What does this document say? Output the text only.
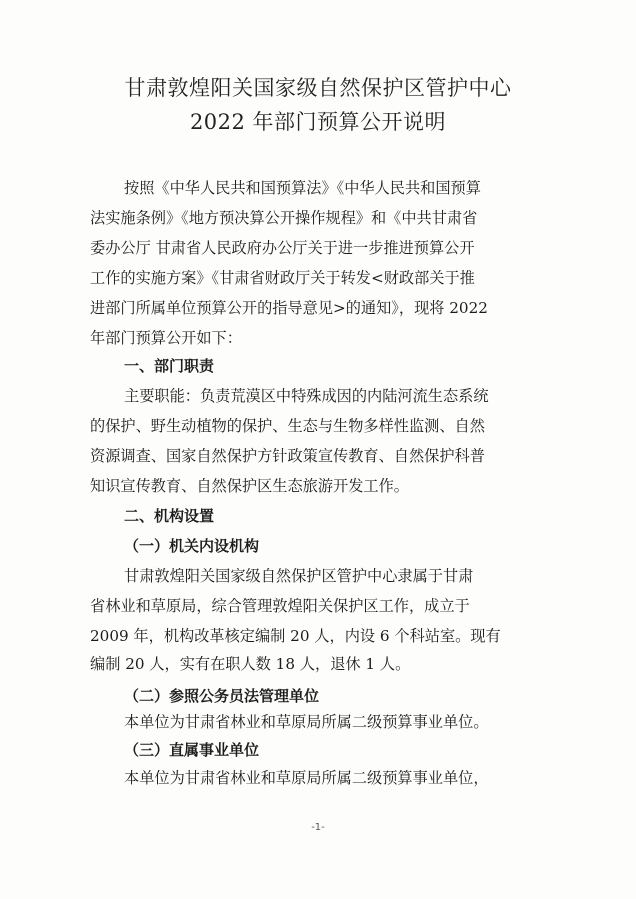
甘肃敦煌阳关国家级自然保护区管护中心
2022 年部门预算公开说明
按照《中华人民共和国预算法》《中华人民共和国预算
法实施条例》《地方预决算公开操作规程》和《中共甘肃省
委办公厅 甘肃省人民政府办公厅关于进一步推进预算公开
工作的实施方案》《甘肃省财政厅关于转发<财政部关于推
进部门所属单位预算公开的指导意见>的通知》，现将 2022
年部门预算公开如下：
一、部门职责
主要职能：负责荒漠区中特殊成因的内陆河流生态系统
的保护、野生动植物的保护、生态与生物多样性监测、自然
资源调查、国家自然保护方针政策宣传教育、自然保护科普
知识宣传教育、自然保护区生态旅游开发工作。
二、机构设置
（一）机关内设机构
甘肃敦煌阳关国家级自然保护区管护中心隶属于甘肃
省林业和草原局，综合管理敦煌阳关保护区工作，成立于
2009 年，机构改革核定编制 20 人，内设 6 个科站室。现有
编制 20 人，实有在职人数 18 人，退休 1 人。
（二）参照公务员法管理单位
本单位为甘肃省林业和草原局所属二级预算事业单位。
（三）直属事业单位
本单位为甘肃省林业和草原局所属二级预算事业单位，
-1-
